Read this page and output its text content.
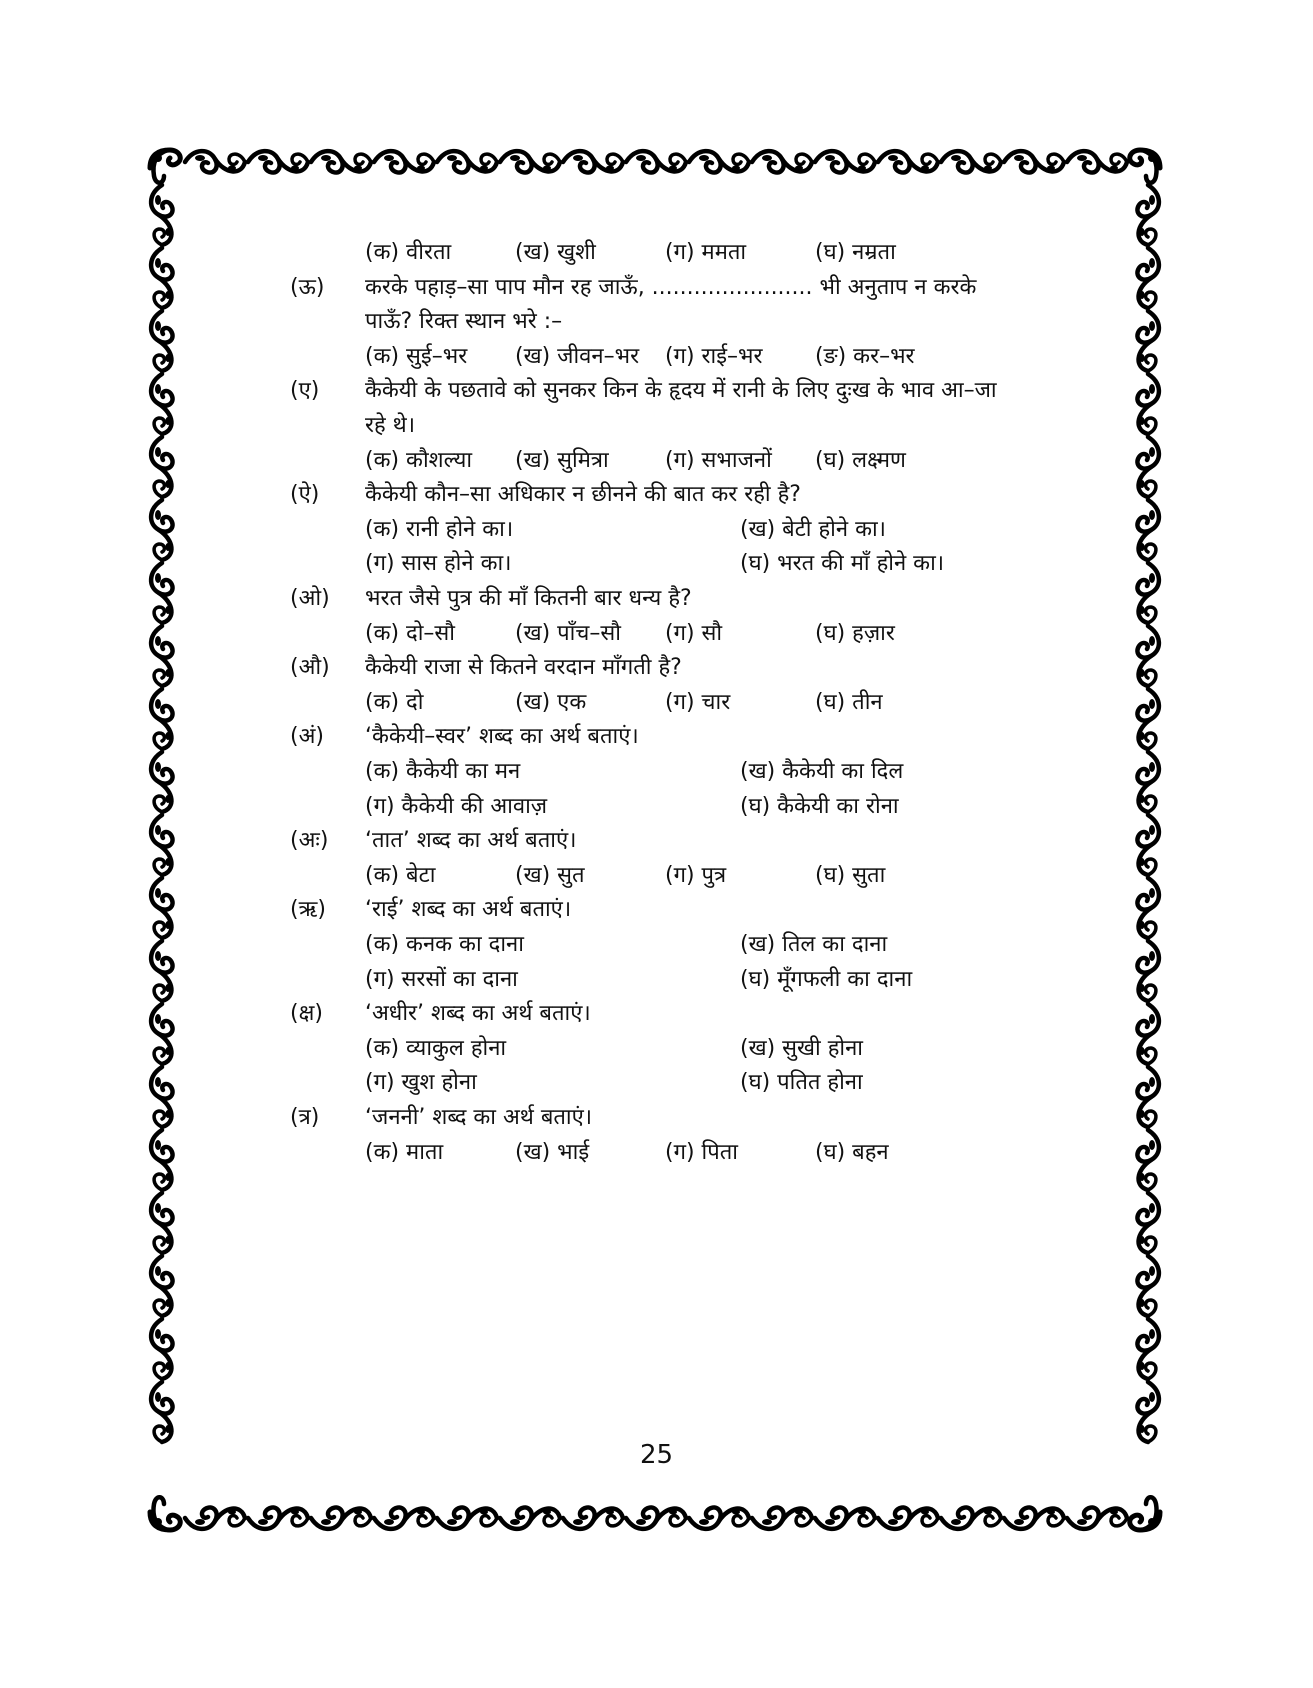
(क) वीरता	(ख) खुशी	(ग) ममता	(घ) नम्रता
(ऊ) करके पहाड़–सा पाप मौन रह जाऊँ, ....................... भी अनुताप न करके
पाऊँ? रिक्त स्थान भरे :–
(क) सुई–भर (ख) जीवन–भर (ग) राई–भर (ङ) कर–भर
(ए) कैकेयी के पछतावे को सुनकर किन के हृदय में रानी के लिए दुःख के भाव आ–जा
रहे थे।
(क) कौशल्या (ख) सुमित्रा	(ग) सभाजनों (घ) लक्ष्मण
(ऐ) कैकेयी कौन–सा अधिकार न छीनने की बात कर रही है?
(क) रानी होने का।	(ख) बेटी होने का।
(ग) सास होने का।	(घ) भरत की माँ होने का।
(ओ) भरत जैसे पुत्र की माँ कितनी बार धन्य है?
(क) दो–सौ	(ख) पाँच–सौ (ग) सौ	(घ) हज़ार
(औ) कैकेयी राजा से कितने वरदान माँगती है?
(क) दो	(ख) एक	(ग) चार	(घ) तीन
(अं) ‘कैकेयी–स्वर’ शब्द का अर्थ बताएं।
(क) कैकेयी का मन	(ख) कैकेयी का दिल
(ग) कैकेयी की आवाज़	(घ) कैकेयी का रोना
(अः) ‘तात’ शब्द का अर्थ बताएं।
(क) बेटा	(ख) सुत	(ग) पुत्र	(घ) सुता
(ऋ) ‘राई’ शब्द का अर्थ बताएं।
(क) कनक का दाना	(ख) तिल का दाना
(ग) सरसों का दाना	(घ) मूँगफली का दाना
(क्ष) ‘अधीर’ शब्द का अर्थ बताएं।
(क) व्याकुल होना	(ख) सुखी होना
(ग) खुश होना	(घ) पतित होना
(त्र) ‘जननी’ शब्द का अर्थ बताएं।
(क) माता	(ख) भाई	(ग) पिता	(घ) बहन
25
